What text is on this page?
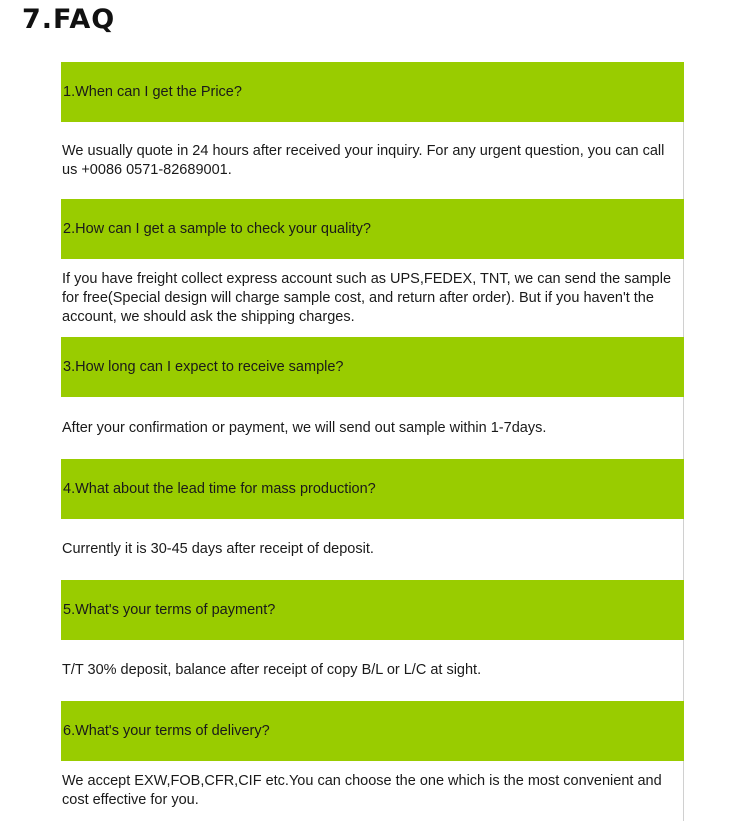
7.FAQ
1.When can I get the Price?
We usually quote in 24 hours after received your inquiry. For any urgent question, you can call us +0086 0571-82689001.
2.How can I get a sample to check your quality?
If you have freight collect express account such as UPS,FEDEX, TNT, we can send the sample for free(Special design will charge sample cost, and return after order). But if you haven't the account, we should ask the shipping charges.
3.How long can I expect to receive sample?
After your confirmation or payment, we will send out sample within 1-7days.
4.What about the lead time for mass production?
Currently it is 30-45 days after receipt of deposit.
5.What's your terms of payment?
T/T 30% deposit, balance after receipt of copy B/L or L/C at sight.
6.What's your terms of delivery?
We accept EXW,FOB,CFR,CIF etc.You can choose the one which is the most convenient and cost effective for you.
